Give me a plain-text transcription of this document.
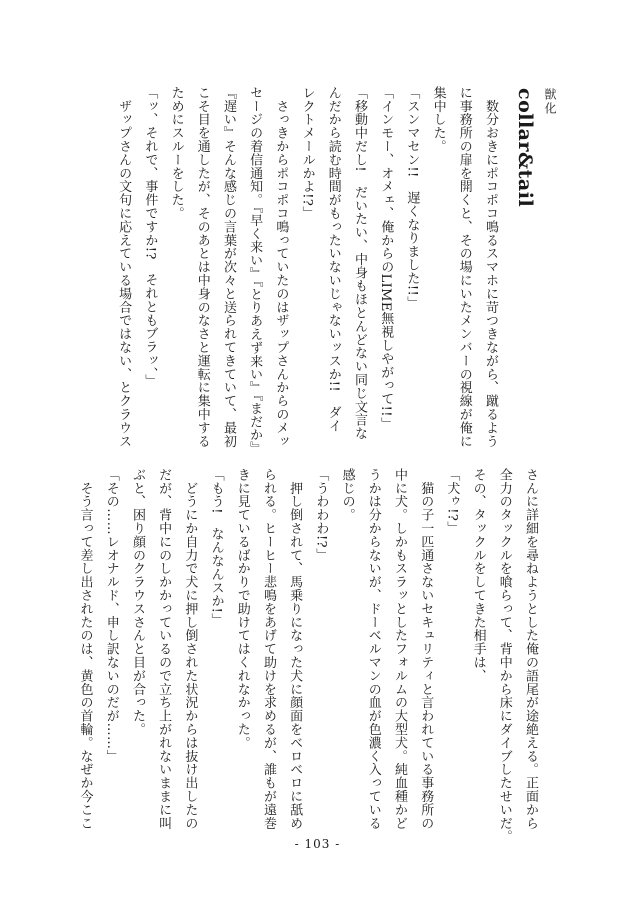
獣化
collar&tail
　数分おきにポコポコ鳴るスマホに苛つきながら、蹴るよう
に事務所の扉を開くと、その場にいたメンバーの視線が俺に
集中した。
「スンマセン!!　遅くなりました!!」
「インモー、オメェ、俺からのLIME無視しやがって!!」
「移動中だし!　だいたい、中身もほとんどない同じ文言な
んだから読む時間がもったいないじゃないッスか!!　ダイ
レクトメールかよ!?」
　さっきからポコポコ鳴っていたのはザップさんからのメッ
セージの着信通知。『早く来い』『とりあえず来い』『まだか』
『遅い』そんな感じの言葉が次々と送られてきていて、最初
こそ目を通したが、そのあとは中身のなさと運転に集中する
ためにスルーをした。
「ッ、それで、事件ですか!?　それともブラッ、」
　ザップさんの文句に応えている場合ではない、とクラウス
さんに詳細を尋ねようとした俺の語尾が途絶える。正面から
全力のタックルを喰らって、背中から床にダイブしたせいだ。
その、タックルをしてきた相手は、
「犬ゥ!?」
　猫の子一匹通さないセキュリティと言われている事務所の
中に犬。しかもスラッとしたフォルムの大型犬。純血種かど
うかは分からないが、ドーベルマンの血が色濃く入っている
感じの。
「うわわわ!?」
　押し倒されて、馬乗りになった犬に顔面をベロベロに舐め
られる。ヒーヒー悲鳴をあげて助けを求めるが、誰もが遠巻
きに見ているばかりで助けてはくれなかった。
「もう!　なんなんスか!」
　どうにか自力で犬に押し倒された状況からは抜け出したの
だが、背中にのしかかっているので立ち上がれないままに叫
ぶと、困り顔のクラウスさんと目が合った。
「その……レオナルド、申し訳ないのだが……」
　そう言って差し出されたのは、黄色の首輪。なぜか今ここ
- 103 -
